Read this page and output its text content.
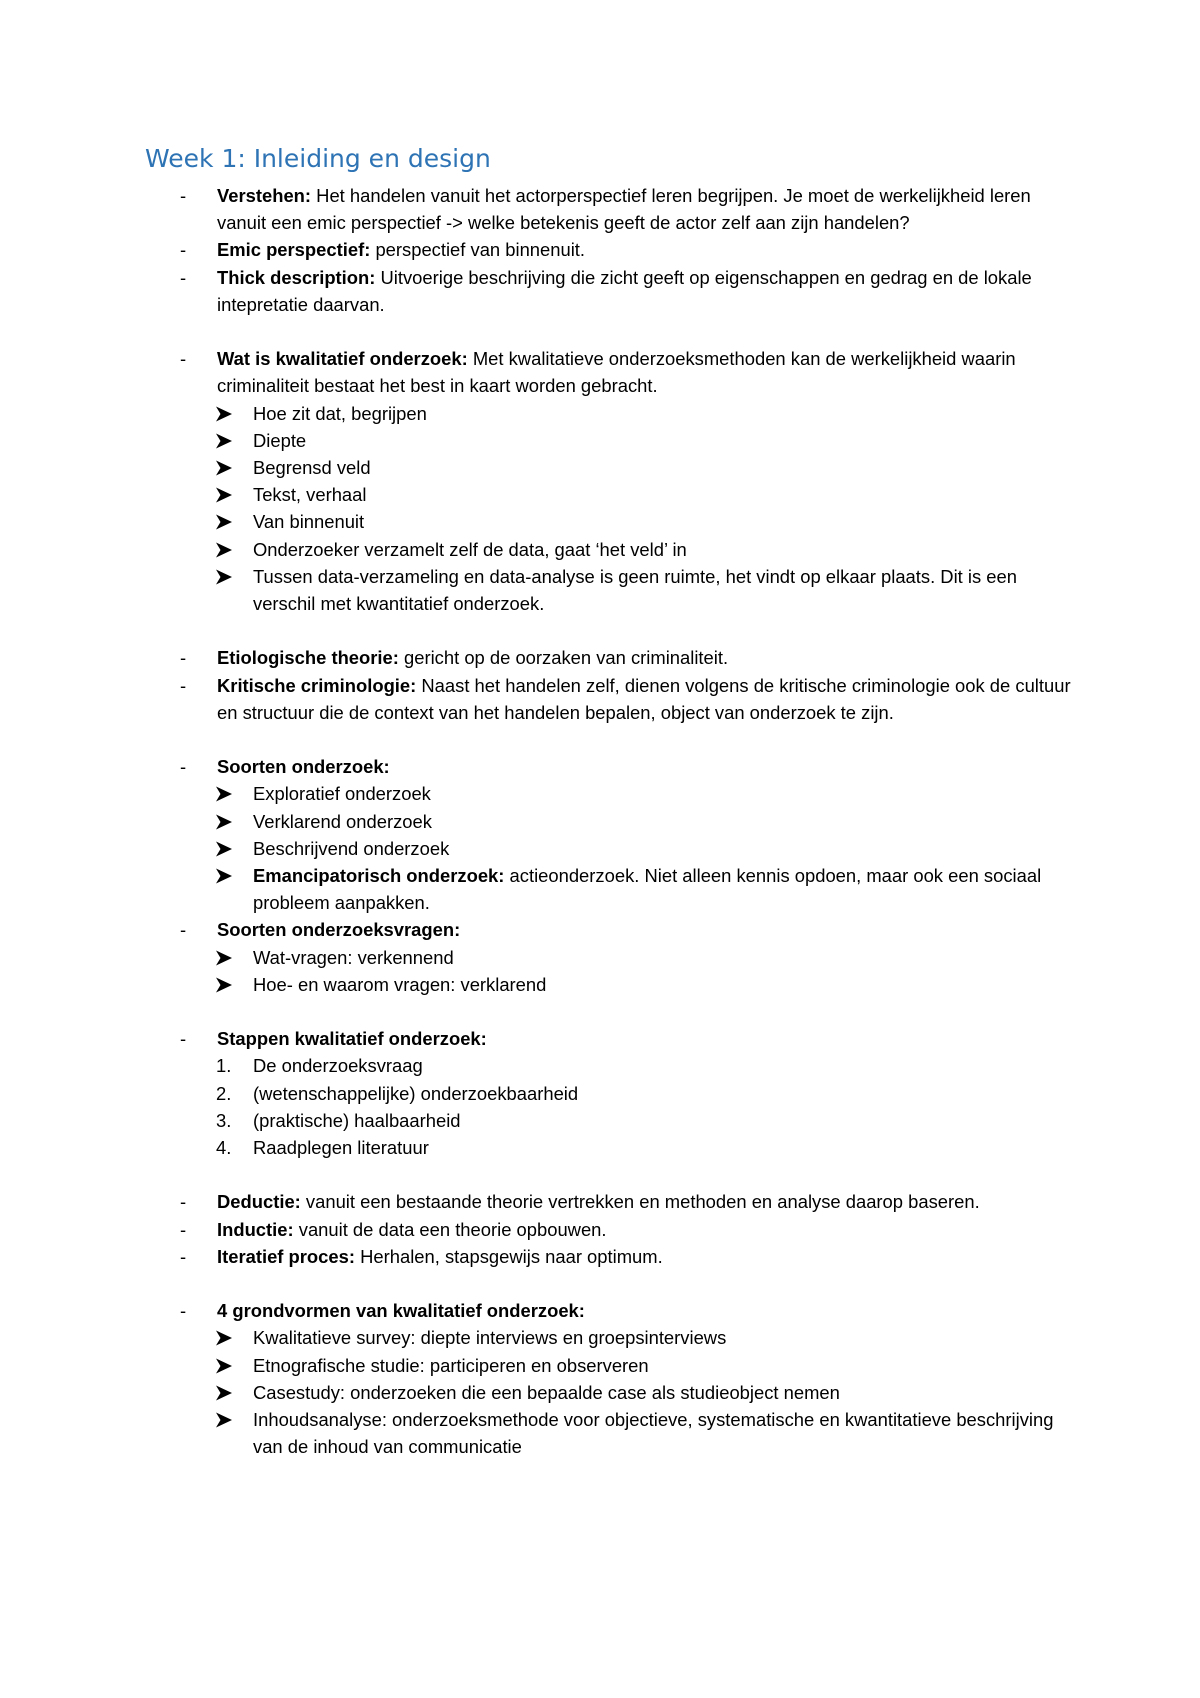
Week 1: Inleiding en design
- Verstehen: Het handelen vanuit het actorperspectief leren begrijpen. Je moet de werkelijkheid leren vanuit een emic perspectief -> welke betekenis geeft de actor zelf aan zijn handelen?
- Emic perspectief: perspectief van binnenuit.
- Thick description: Uitvoerige beschrijving die zicht geeft op eigenschappen en gedrag en de lokale intepretatie daarvan.
- Wat is kwalitatief onderzoek: Met kwalitatieve onderzoeksmethoden kan de werkelijkheid waarin criminaliteit bestaat het best in kaart worden gebracht.
Hoe zit dat, begrijpen
Diepte
Begrensd veld
Tekst, verhaal
Van binnenuit
Onderzoeker verzamelt zelf de data, gaat ‘het veld’ in
Tussen data-verzameling en data-analyse is geen ruimte, het vindt op elkaar plaats. Dit is een verschil met kwantitatief onderzoek.
- Etiologische theorie: gericht op de oorzaken van criminaliteit.
- Kritische criminologie: Naast het handelen zelf, dienen volgens de kritische criminologie ook de cultuur en structuur die de context van het handelen bepalen, object van onderzoek te zijn.
- Soorten onderzoek:
Exploratief onderzoek
Verklarend onderzoek
Beschrijvend onderzoek
Emancipatorisch onderzoek: actieonderzoek. Niet alleen kennis opdoen, maar ook een sociaal probleem aanpakken.
- Soorten onderzoeksvragen:
Wat-vragen: verkennend
Hoe- en waarom vragen: verklarend
- Stappen kwalitatief onderzoek:
1. De onderzoeksvraag
2. (wetenschappelijke) onderzoekbaarheid
3. (praktische) haalbaarheid
4. Raadplegen literatuur
- Deductie: vanuit een bestaande theorie vertrekken en methoden en analyse daarop baseren.
- Inductie: vanuit de data een theorie opbouwen.
- Iteratief proces: Herhalen, stapsgewijs naar optimum.
- 4 grondvormen van kwalitatief onderzoek:
Kwalitatieve survey: diepte interviews en groepsinterviews
Etnografische studie: participeren en observeren
Casestudy: onderzoeken die een bepaalde case als studieobject nemen
Inhoudsanalyse: onderzoeksmethode voor objectieve, systematische en kwantitatieve beschrijving van de inhoud van communicatie
